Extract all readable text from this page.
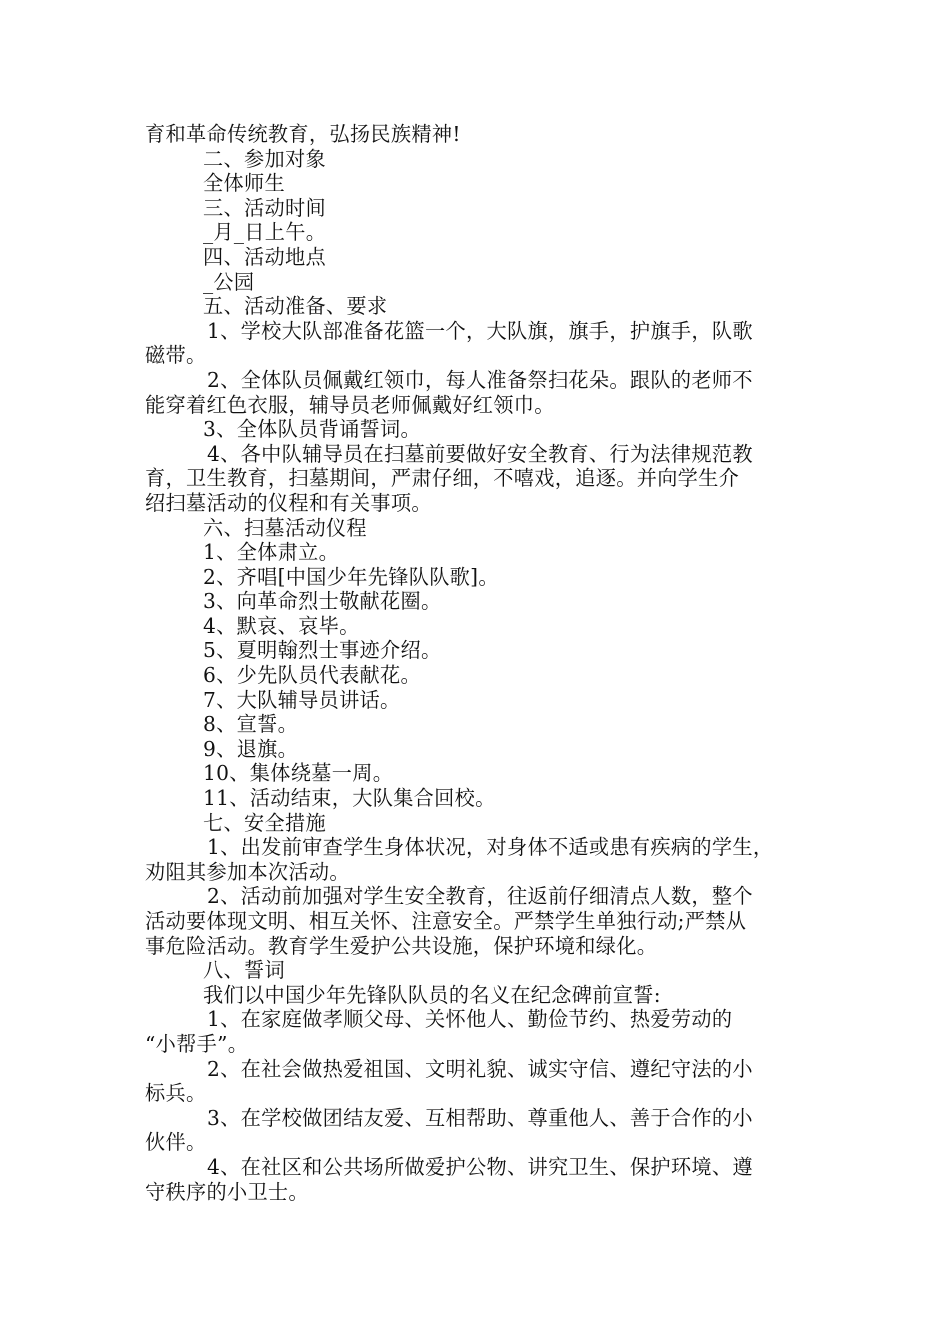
育和革命传统教育，弘扬民族精神!
二、参加对象
全体师生
三、活动时间
_月_日上午。
四、活动地点
_公园
五、活动准备、要求
1、学校大队部准备花篮一个，大队旗，旗手，护旗手，队歌
磁带。
2、全体队员佩戴红领巾，每人准备祭扫花朵。跟队的老师不
能穿着红色衣服，辅导员老师佩戴好红领巾。
3、全体队员背诵誓词。
4、各中队辅导员在扫墓前要做好安全教育、行为法律规范教
育，卫生教育，扫墓期间，严肃仔细，不嘻戏，追逐。并向学生介
绍扫墓活动的仪程和有关事项。
六、扫墓活动仪程
1、全体肃立。
2、齐唱[中国少年先锋队队歌]。
3、向革命烈士敬献花圈。
4、默哀、哀毕。
5、夏明翰烈士事迹介绍。
6、少先队员代表献花。
7、大队辅导员讲话。
8、宣誓。
9、退旗。
10、集体绕墓一周。
11、活动结束，大队集合回校。
七、安全措施
1、出发前审查学生身体状况，对身体不适或患有疾病的学生，
劝阻其参加本次活动。
2、活动前加强对学生安全教育，往返前仔细清点人数，整个
活动要体现文明、相互关怀、注意安全。严禁学生单独行动;严禁从
事危险活动。教育学生爱护公共设施，保护环境和绿化。
八、誓词
我们以中国少年先锋队队员的名义在纪念碑前宣誓:
1、在家庭做孝顺父母、关怀他人、勤俭节约、热爱劳动的
“小帮手”。
2、在社会做热爱祖国、文明礼貌、诚实守信、遵纪守法的小
标兵。
3、在学校做团结友爱、互相帮助、尊重他人、善于合作的小
伙伴。
4、在社区和公共场所做爱护公物、讲究卫生、保护环境、遵
守秩序的小卫士。
